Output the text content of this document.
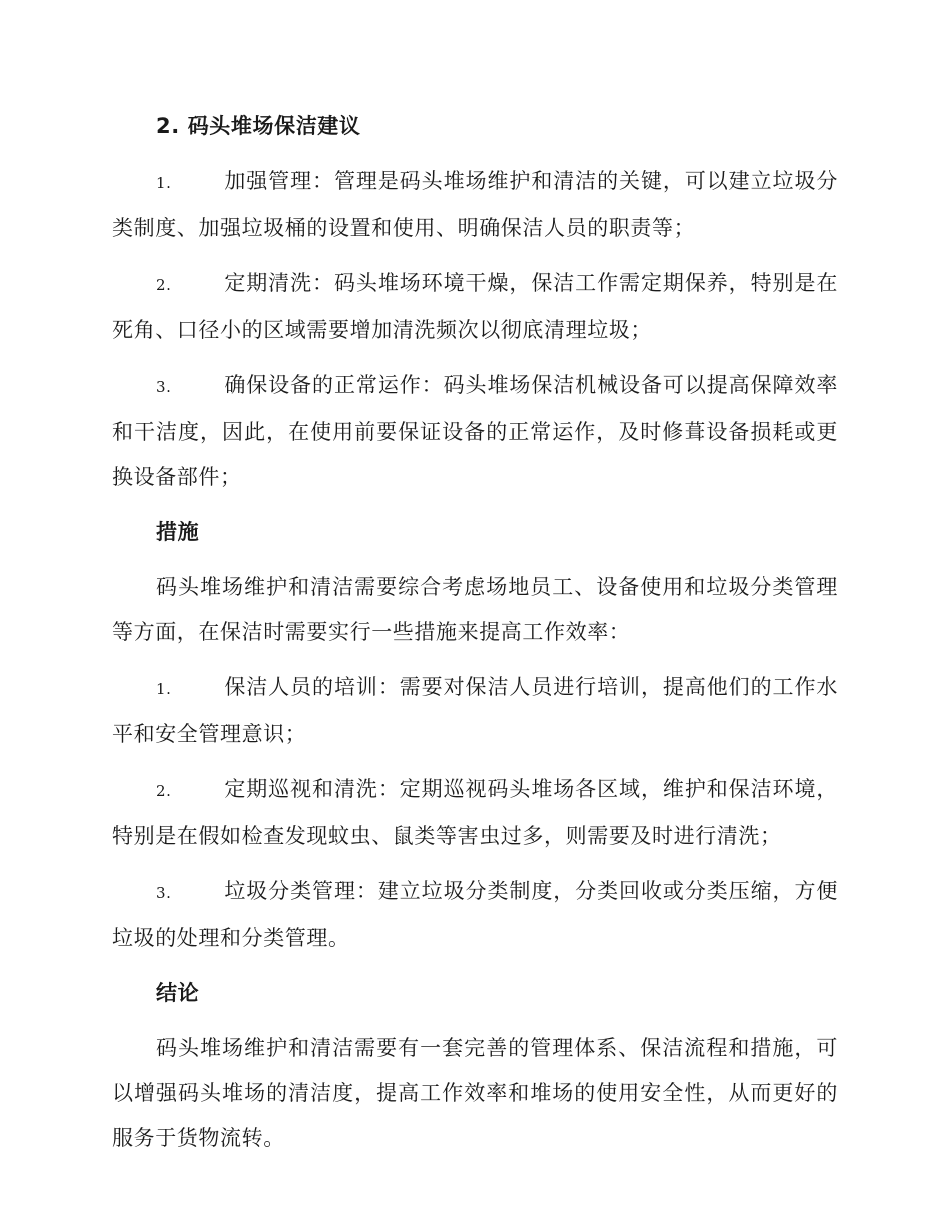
2. 码头堆场保洁建议
1. 加强管理：管理是码头堆场维护和清洁的关键，可以建立垃圾分类制度、加强垃圾桶的设置和使用、明确保洁人员的职责等；
2. 定期清洗：码头堆场环境干燥，保洁工作需定期保养，特别是在死角、口径小的区域需要增加清洗频次以彻底清理垃圾；
3. 确保设备的正常运作：码头堆场保洁机械设备可以提高保障效率和干洁度，因此，在使用前要保证设备的正常运作，及时修葺设备损耗或更换设备部件；
措施
码头堆场维护和清洁需要综合考虑场地员工、设备使用和垃圾分类管理等方面，在保洁时需要实行一些措施来提高工作效率：
1. 保洁人员的培训：需要对保洁人员进行培训，提高他们的工作水平和安全管理意识；
2. 定期巡视和清洗：定期巡视码头堆场各区域，维护和保洁环境，特别是在假如检查发现蚊虫、鼠类等害虫过多，则需要及时进行清洗；
3. 垃圾分类管理：建立垃圾分类制度，分类回收或分类压缩，方便垃圾的处理和分类管理。
结论
码头堆场维护和清洁需要有一套完善的管理体系、保洁流程和措施，可以增强码头堆场的清洁度，提高工作效率和堆场的使用安全性，从而更好的服务于货物流转。
